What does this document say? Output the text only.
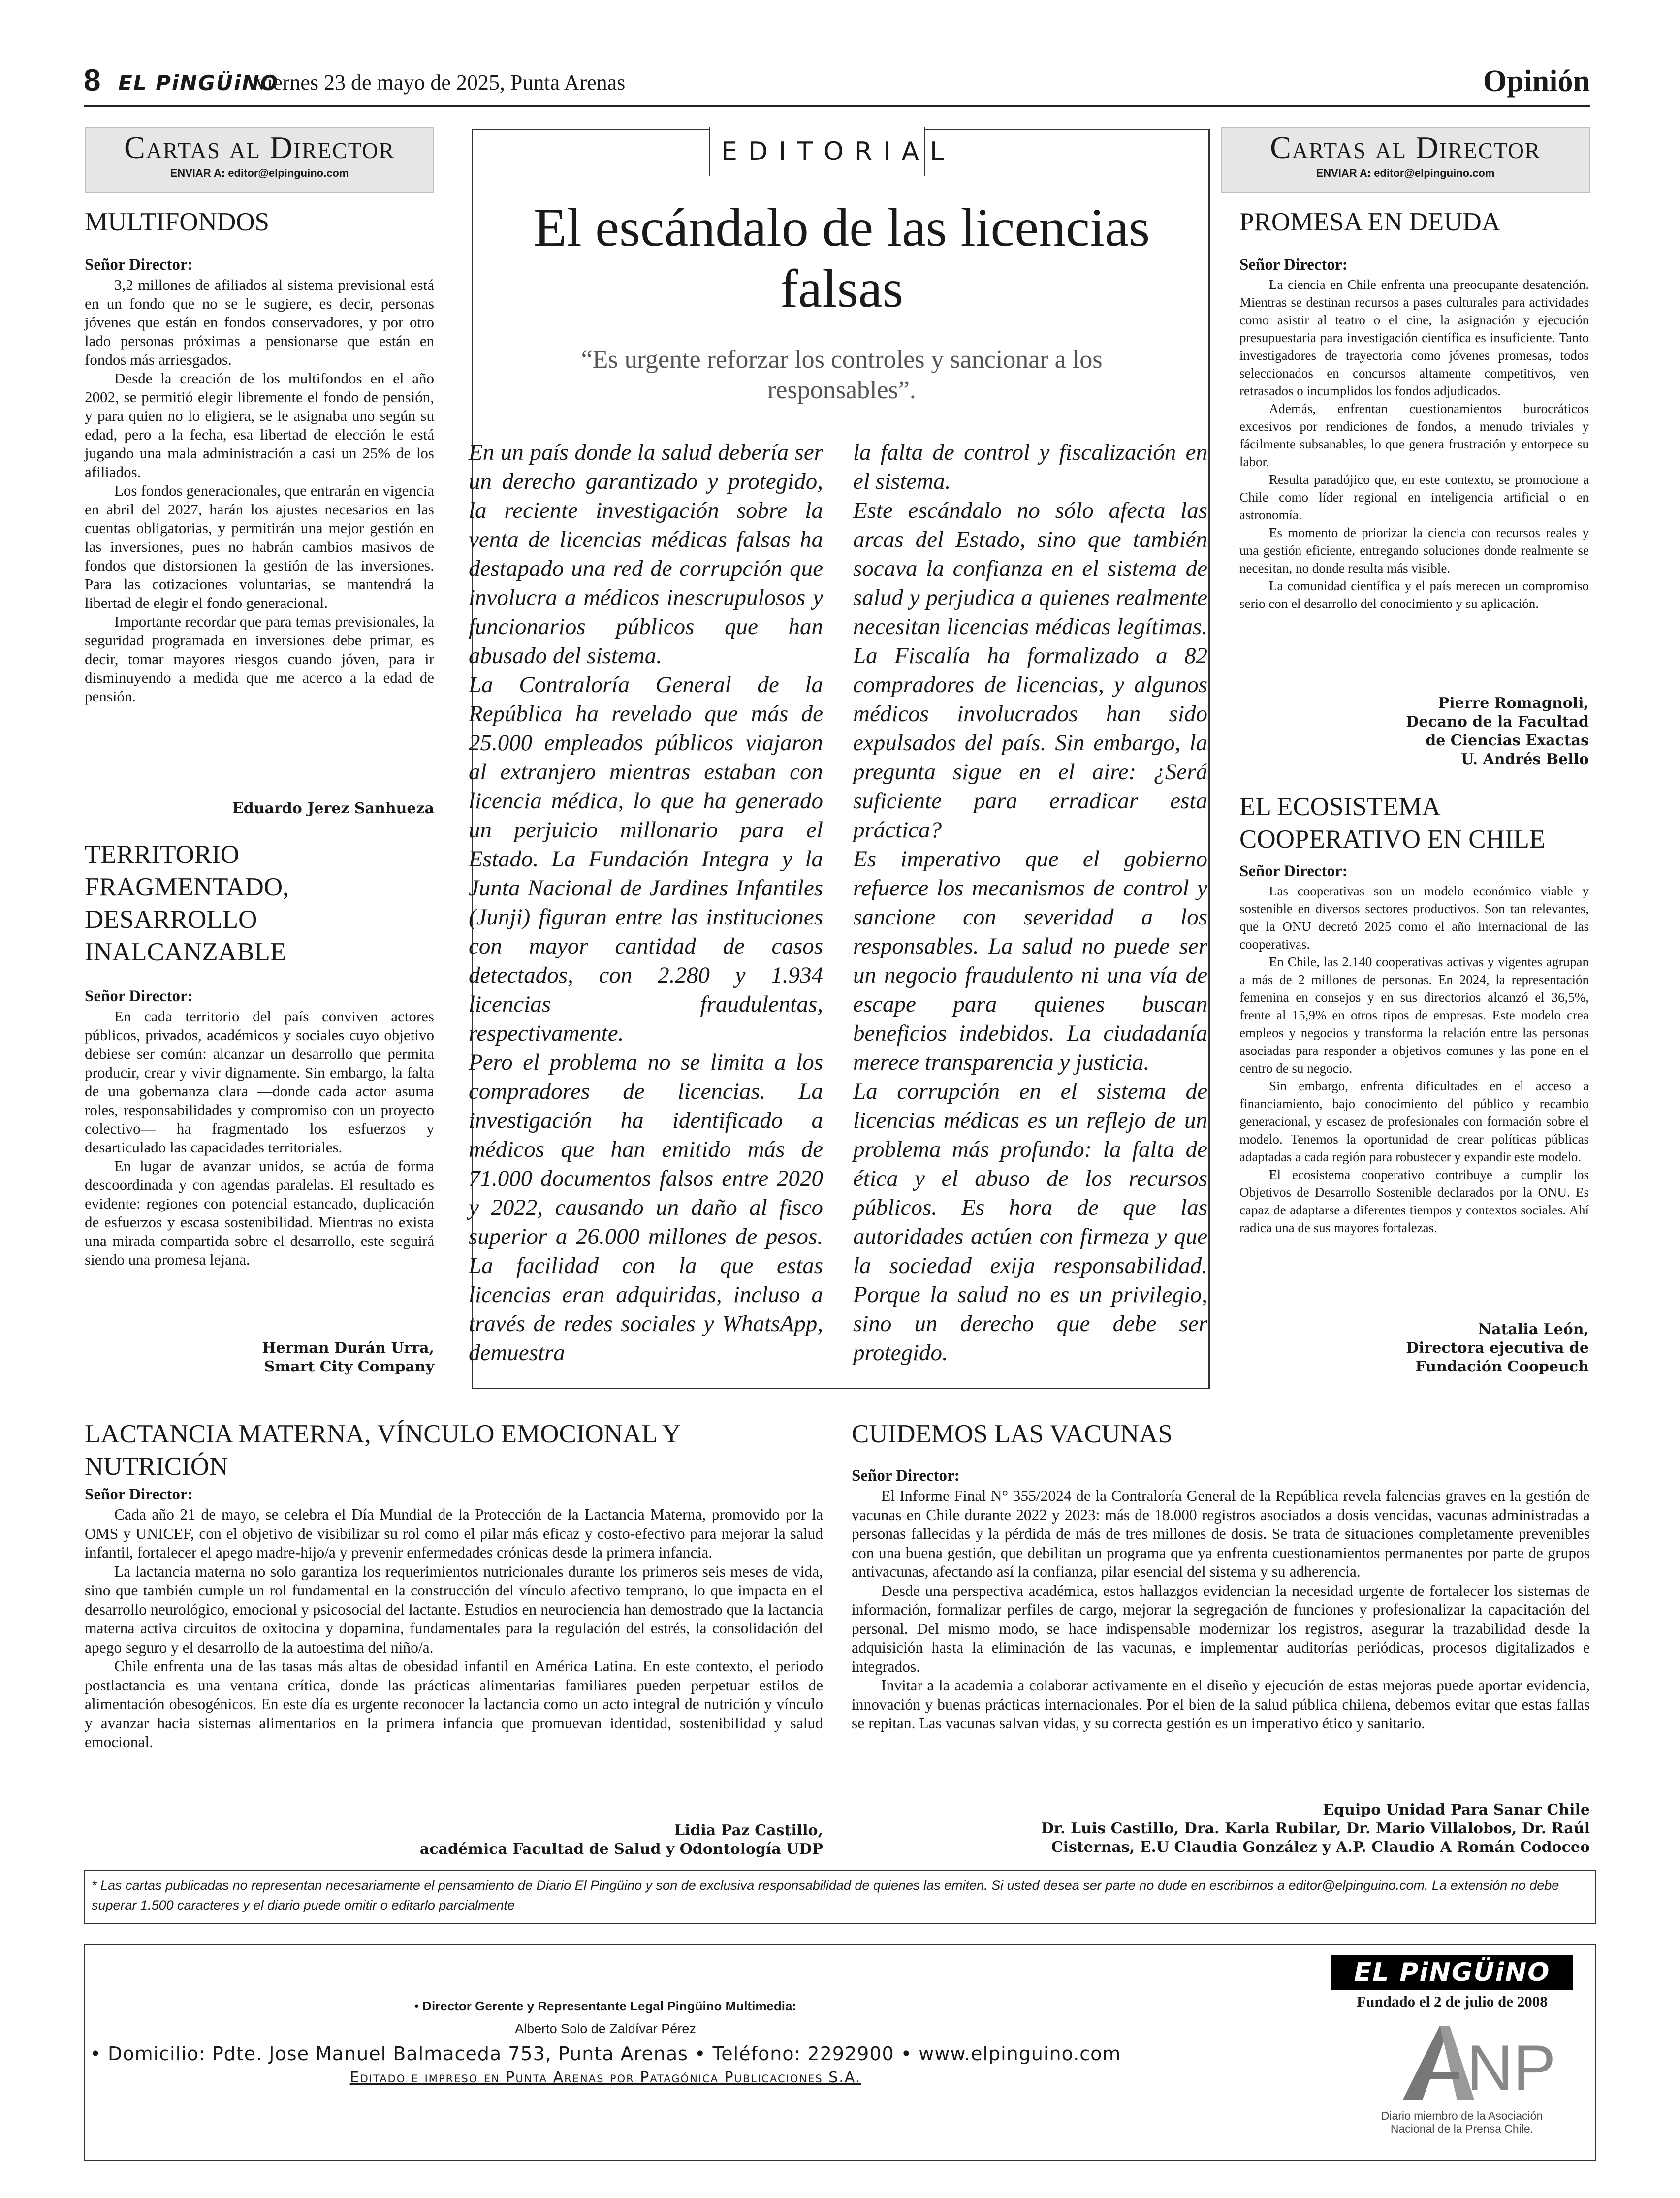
8 EL PiNGÜiNO
viernes 23 de mayo de 2025, Punta Arenas	Opinión
Cartas al Director
ENVIAR A: editor@elpinguino.com
MULTIFONDOS
Señor Director:

3,2 millones de afiliados al sistema previsional está en un fondo que no se le sugiere, es decir, personas jóvenes que están en fondos conservadores, y por otro lado personas próximas a pensionarse que están en fondos más arriesgados.

Desde la creación de los multifondos en el año 2002, se permitió elegir libremente el fondo de pensión, y para quien no lo eligiera, se le asignaba uno según su edad, pero a la fecha, esa libertad de elección le está jugando una mala administración a casi un 25% de los afiliados.

Los fondos generacionales, que entrarán en vigencia en abril del 2027, harán los ajustes necesarios en las cuentas obligatorias, y permitirán una mejor gestión en las inversiones, pues no habrán cambios masivos de fondos que distorsionen la gestión de las inversiones. Para las cotizaciones voluntarias, se mantendrá la libertad de elegir el fondo generacional.

Importante recordar que para temas previsionales, la seguridad programada en inversiones debe primar, es decir, tomar mayores riesgos cuando jóven, para ir disminuyendo a medida que me acerco a la edad de pensión.

Eduardo Jerez Sanhueza
TERRITORIO FRAGMENTADO, DESARROLLO INALCANZABLE
Señor Director:

En cada territorio del país conviven actores públicos, privados, académicos y sociales cuyo objetivo debiese ser común: alcanzar un desarrollo que permita producir, crear y vivir dignamente. Sin embargo, la falta de una gobernanza clara —donde cada actor asuma roles, responsabilidades y compromiso con un proyecto colectivo— ha fragmentado los esfuerzos y desarticulado las capacidades territoriales.

En lugar de avanzar unidos, se actúa de forma descoordinada y con agendas paralelas. El resultado es evidente: regiones con potencial estancado, duplicación de esfuerzos y escasa sostenibilidad. Mientras no exista una mirada compartida sobre el desarrollo, este seguirá siendo una promesa lejana.

Herman Durán Urra,
Smart City Company
EDITORIAL
El escándalo de las licencias falsas
“Es urgente reforzar los controles y sancionar a los responsables”.

En un país donde la salud debería ser un derecho garantizado y protegido, la reciente investigación sobre la venta de licencias médicas falsas ha destapado una red de corrupción que involucra a médicos inescrupulosos y funcionarios públicos que han abusado del sistema.

La Contraloría General de la República ha revelado que más de 25.000 empleados públicos viajaron al extranjero mientras estaban con licencia médica, lo que ha generado un perjuicio millonario para el Estado. La Fundación Integra y la Junta Nacional de Jardines Infantiles (Junji) figuran entre las instituciones con mayor cantidad de casos detectados, con 2.280 y 1.934 licencias fraudulentas, respectivamente.

Pero el problema no se limita a los compradores de licencias. La investigación ha identificado a médicos que han emitido más de 71.000 documentos falsos entre 2020 y 2022, causando un daño al fisco superior a 26.000 millones de pesos. La facilidad con la que estas licencias eran adquiridas, incluso a través de redes sociales y WhatsApp, demuestra

la falta de control y fiscalización en el sistema.

Este escándalo no sólo afecta las arcas del Estado, sino que también socava la confianza en el sistema de salud y perjudica a quienes realmente necesitan licencias médicas legítimas. La Fiscalía ha formalizado a 82 compradores de licencias, y algunos médicos involucrados han sido expulsados del país. Sin embargo, la pregunta sigue en el aire: ¿Será suficiente para erradicar esta práctica?

Es imperativo que el gobierno refuerce los mecanismos de control y sancione con severidad a los responsables. La salud no puede ser un negocio fraudulento ni una vía de escape para quienes buscan beneficios indebidos. La ciudadanía merece transparencia y justicia.

La corrupción en el sistema de licencias médicas es un reflejo de un problema más profundo: la falta de ética y el abuso de los recursos públicos. Es hora de que las autoridades actúen con firmeza y que la sociedad exija responsabilidad. Porque la salud no es un privilegio, sino un derecho que debe ser protegido.

Cartas al Director
ENVIAR A: editor@elpinguino.com
PROMESA EN DEUDA
Señor Director:

La ciencia en Chile enfrenta una preocupante desatención. Mientras se destinan recursos a pases culturales para actividades como asistir al teatro o el cine, la asignación y ejecución presupuestaria para investigación científica es insuficiente. Tanto investigadores de trayectoria como jóvenes promesas, todos seleccionados en concursos altamente competitivos, ven retrasados o incumplidos los fondos adjudicados.

Además, enfrentan cuestionamientos burocráticos excesivos por rendiciones de fondos, a menudo triviales y fácilmente subsanables, lo que genera frustración y entorpece su labor.

Resulta paradójico que, en este contexto, se promocione a Chile como líder regional en inteligencia artificial o en astronomía.

Es momento de priorizar la ciencia con recursos reales y una gestión eficiente, entregando soluciones donde realmente se necesitan, no donde resulta más visible.

La comunidad científica y el país merecen un compromiso serio con el desarrollo del conocimiento y su aplicación.

Pierre Romagnoli,
Decano de la Facultad
de Ciencias Exactas
U. Andrés Bello
EL ECOSISTEMA COOPERATIVO EN CHILE
Señor Director:

Las cooperativas son un modelo económico viable y sostenible en diversos sectores productivos. Son tan relevantes, que la ONU decretó 2025 como el año internacional de las cooperativas.

En Chile, las 2.140 cooperativas activas y vigentes agrupan a más de 2 millones de personas. En 2024, la representación femenina en consejos y en sus directorios alcanzó el 36,5%, frente al 15,9% en otros tipos de empresas. Este modelo crea empleos y negocios y transforma la relación entre las personas asociadas para responder a objetivos comunes y las pone en el centro de su negocio.

Sin embargo, enfrenta dificultades en el acceso a financiamiento, bajo conocimiento del público y recambio generacional, y escasez de profesionales con formación sobre el modelo. Tenemos la oportunidad de crear políticas públicas adaptadas a cada región para robustecer y expandir este modelo.

El ecosistema cooperativo contribuye a cumplir los Objetivos de Desarrollo Sostenible declarados por la ONU. Es capaz de adaptarse a diferentes tiempos y contextos sociales. Ahí radica una de sus mayores fortalezas.

Natalia León,
Directora ejecutiva de
Fundación Coopeuch
LACTANCIA MATERNA, VÍNCULO EMOCIONAL Y NUTRICIÓN
Señor Director:

Cada año 21 de mayo, se celebra el Día Mundial de la Protección de la Lactancia Materna, promovido por la OMS y UNICEF, con el objetivo de visibilizar su rol como el pilar más eficaz y costo-efectivo para mejorar la salud infantil, fortalecer el apego madre-hijo/a y prevenir enfermedades crónicas desde la primera infancia.

La lactancia materna no solo garantiza los requerimientos nutricionales durante los primeros seis meses de vida, sino que también cumple un rol fundamental en la construcción del vínculo afectivo temprano, lo que impacta en el desarrollo neurológico, emocional y psicosocial del lactante. Estudios en neurociencia han demostrado que la lactancia materna activa circuitos de oxitocina y dopamina, fundamentales para la regulación del estrés, la consolidación del apego seguro y el desarrollo de la autoestima del niño/a.

Chile enfrenta una de las tasas más altas de obesidad infantil en América Latina. En este contexto, el periodo postlactancia es una ventana crítica, donde las prácticas alimentarias familiares pueden perpetuar estilos de alimentación obesogénicos. En este día es urgente reconocer la lactancia como un acto integral de nutrición y vínculo y avanzar hacia sistemas alimentarios en la primera infancia que promuevan identidad, sostenibilidad y salud emocional.

Lidia Paz Castillo,
académica Facultad de Salud y Odontología UDP
CUIDEMOS LAS VACUNAS
Señor Director:

El Informe Final N° 355/2024 de la Contraloría General de la República revela falencias graves en la gestión de vacunas en Chile durante 2022 y 2023: más de 18.000 registros asociados a dosis vencidas, vacunas administradas a personas fallecidas y la pérdida de más de tres millones de dosis. Se trata de situaciones completamente prevenibles con una buena gestión, que debilitan un programa que ya enfrenta cuestionamientos permanentes por parte de grupos antivacunas, afectando así la confianza, pilar esencial del sistema y su adherencia.

Desde una perspectiva académica, estos hallazgos evidencian la necesidad urgente de fortalecer los sistemas de información, formalizar perfiles de cargo, mejorar la segregación de funciones y profesionalizar la capacitación del personal. Del mismo modo, se hace indispensable modernizar los registros, asegurar la trazabilidad desde la adquisición hasta la eliminación de las vacunas, e implementar auditorías periódicas, procesos digitalizados e integrados.

Invitar a la academia a colaborar activamente en el diseño y ejecución de estas mejoras puede aportar evidencia, innovación y buenas prácticas internacionales. Por el bien de la salud pública chilena, debemos evitar que estas fallas se repitan. Las vacunas salvan vidas, y su correcta gestión es un imperativo ético y sanitario.

Equipo Unidad Para Sanar Chile
Dr. Luis Castillo, Dra. Karla Rubilar, Dr. Mario Villalobos, Dr. Raúl
Cisternas, E.U Claudia González y A.P. Claudio A Román Codoceo
* Las cartas publicadas no representan necesariamente el pensamiento de Diario El Pingüino y son de exclusiva responsabilidad de quienes las emiten. Si usted desea ser parte no dude en escribirnos a editor@elpinguino.com. La extensión no debe superar 1.500 caracteres y el diario puede omitir o editarlo parcialmente
• Director Gerente y Representante Legal Pingüino Multimedia:
Alberto Solo de Zaldívar Pérez
• Domicilio: Pdte. Jose Manuel Balmaceda 753, Punta Arenas • Teléfono: 2292900 • www.elpinguino.com
Editado e impreso en Punta Arenas por Patagónica Publicaciones S.A.
EL PiNGÜiNO
Fundado el 2 de julio de 2008
NP
Diario miembro de la Asociación Nacional de la Prensa Chile.
